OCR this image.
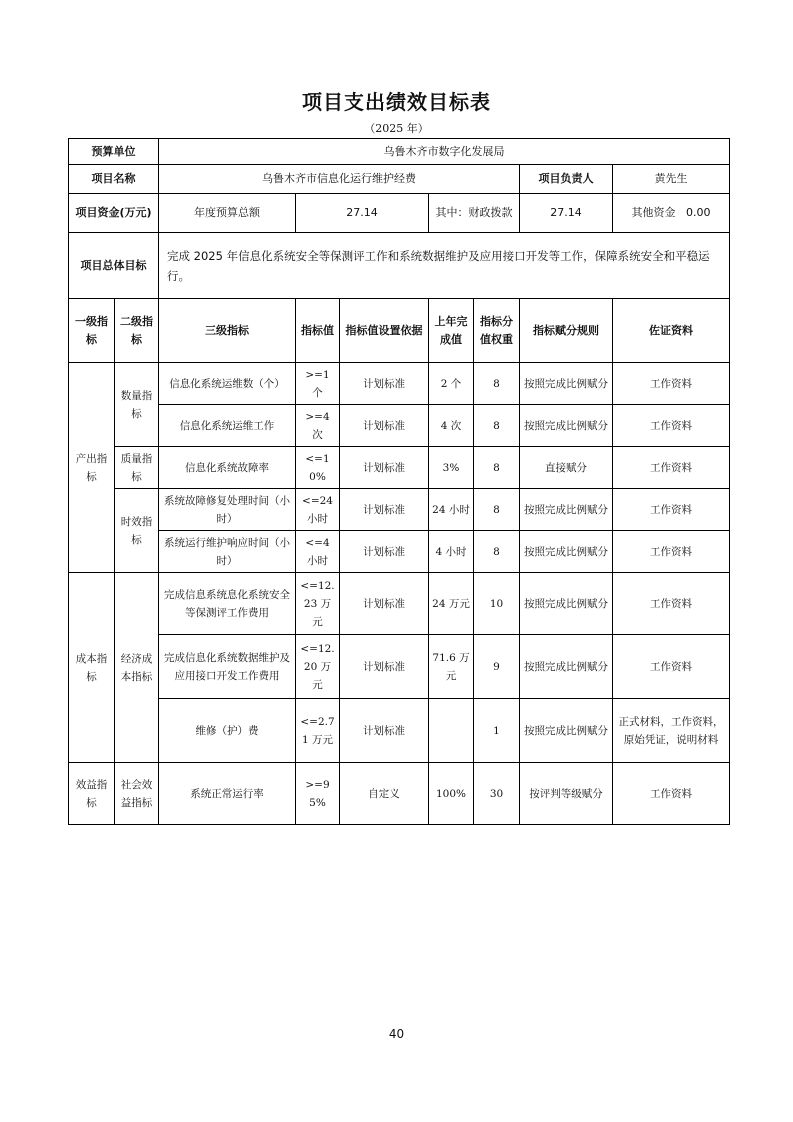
项目支出绩效目标表
（2025 年）
预算单位		乌鲁木齐市数字化发展局						
项目名称		乌鲁木齐市信息化运行维护经费					项目负责人	黄先生
项目资金(万元)		年度预算总额	27.14		其中：财政拨款		27.14	其他资金 0.00
项目总体目标		完成 2025 年信息化系统安全等保测评工作和系统数据维护及应用接口开发等工作，保障系统安全和平稳运行。						
一级指标	二级指标	三级指标	指标值	指标值设置依据	上年完成值	指标分值权重	指标赋分规则	佐证资料
产出指标	数量指标	信息化系统运维数（个）	>=1 个	计划标准	2 个	8	按照完成比例赋分	工作资料
		信息化系统运维工作	>=4 次	计划标准	4 次	8	按照完成比例赋分	工作资料
	质量指标	信息化系统故障率	<=10%	计划标准	3%	8	直接赋分	工作资料
	时效指标	系统故障修复处理时间（小时）	<=24 小时	计划标准	24 小时	8	按照完成比例赋分	工作资料
		系统运行维护响应时间（小时）	<=4 小时	计划标准	4 小时	8	按照完成比例赋分	工作资料
成本指标	经济成本指标	完成信息系统息化系统安全等保测评工作费用	<=12.23 万元	计划标准	24 万元	10	按照完成比例赋分	工作资料
		完成信息化系统数据维护及应用接口开发工作费用	<=12.20 万元	计划标准	71.6 万元	9	按照完成比例赋分	工作资料
		维修（护）费	<=2.71 万元	计划标准		1	按照完成比例赋分	正式材料，工作资料，原始凭证，说明材料
效益指标	社会效益指标	系统正常运行率	>=95%	自定义	100%	30	按评判等级赋分	工作资料
40
